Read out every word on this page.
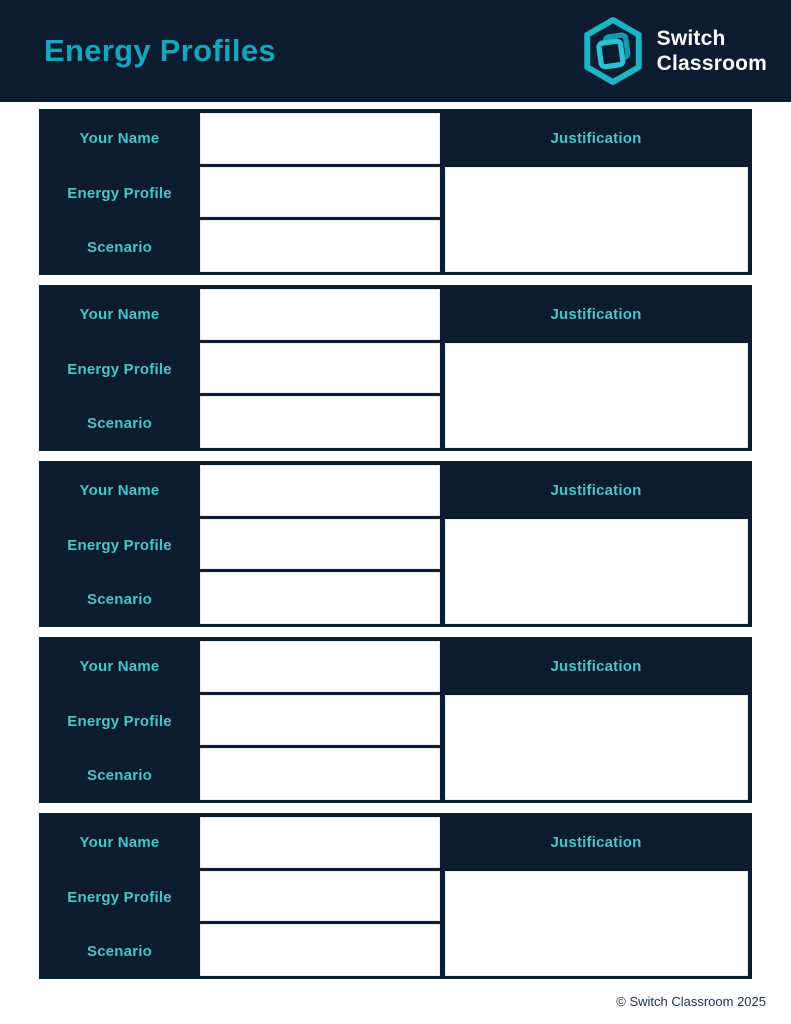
Energy Profiles	Switch
Classroom
Your Name
Energy Profile
Scenario
Justification
Your Name
Energy Profile
Scenario
Justification
Your Name
Energy Profile
Scenario
Justification
Your Name
Energy Profile
Scenario
Justification
Your Name
Energy Profile
Scenario
Justification
© Switch Classroom 2025
